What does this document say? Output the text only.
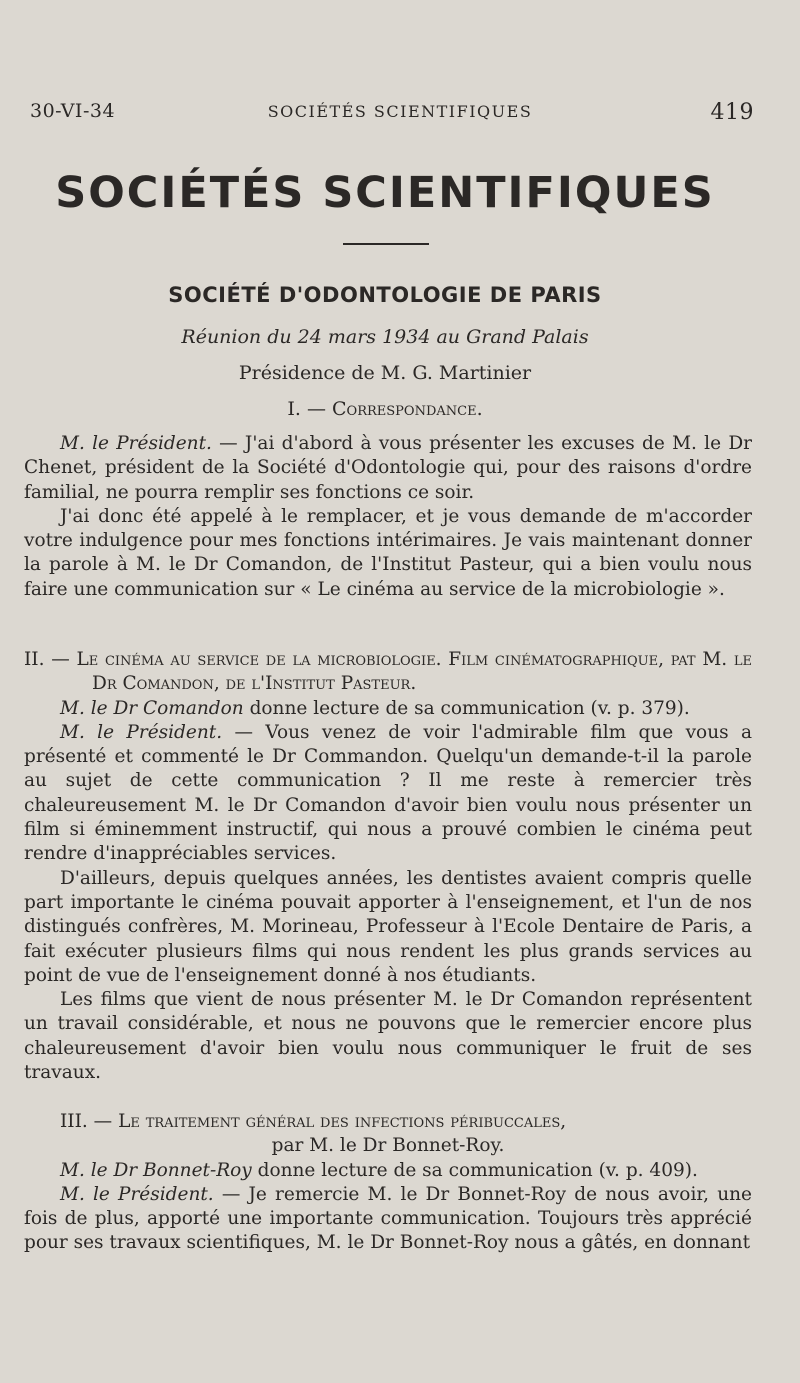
30-VI-34	SOCIÉTÉS SCIENTIFIQUES	419
SOCIÉTÉS SCIENTIFIQUES
SOCIÉTÉ D'ODONTOLOGIE DE PARIS
Réunion du 24 mars 1934 au Grand Palais
Présidence de M. G. Martinier
I. — Correspondance.

M. le Président. — J'ai d'abord à vous présenter les excuses de M. le Dr Chenet, président de la Société d'Odontologie qui, pour des raisons d'ordre familial, ne pourra remplir ses fonctions ce soir.

J'ai donc été appelé à le remplacer, et je vous demande de m'accorder votre indulgence pour mes fonctions intérimaires. Je vais maintenant donner la parole à M. le Dr Comandon, de l'Institut Pasteur, qui a bien voulu nous faire une communication sur « Le cinéma au service de la microbiologie ».

II. — Le cinéma au service de la microbiologie. Film cinématographique, pat M. le Dr Comandon, de l'Institut Pasteur.

M. le Dr Comandon donne lecture de sa communication (v. p. 379).

M. le Président. — Vous venez de voir l'admirable film que vous a présenté et commenté le Dr Commandon. Quelqu'un demande-t-il la parole au sujet de cette communication ? Il me reste à remercier très chaleureusement M. le Dr Comandon d'avoir bien voulu nous présenter un film si éminemment instructif, qui nous a prouvé combien le cinéma peut rendre d'inappréciables services.

D'ailleurs, depuis quelques années, les dentistes avaient compris quelle part importante le cinéma pouvait apporter à l'enseignement, et l'un de nos distingués confrères, M. Morineau, Professeur à l'Ecole Dentaire de Paris, a fait exécuter plusieurs films qui nous rendent les plus grands services au point de vue de l'enseignement donné à nos étudiants.

Les films que vient de nous présenter M. le Dr Comandon représentent un travail considérable, et nous ne pouvons que le remercier encore plus chaleureusement d'avoir bien voulu nous communiquer le fruit de ses travaux.

III. — Le traitement général des infections péribuccales,

par M. le Dr Bonnet-Roy.

M. le Dr Bonnet-Roy donne lecture de sa communication (v. p. 409).

M. le Président. — Je remercie M. le Dr Bonnet-Roy de nous avoir, une fois de plus, apporté une importante communication. Toujours très apprécié pour ses travaux scientifiques, M. le Dr Bonnet-Roy nous a gâtés, en donnant
